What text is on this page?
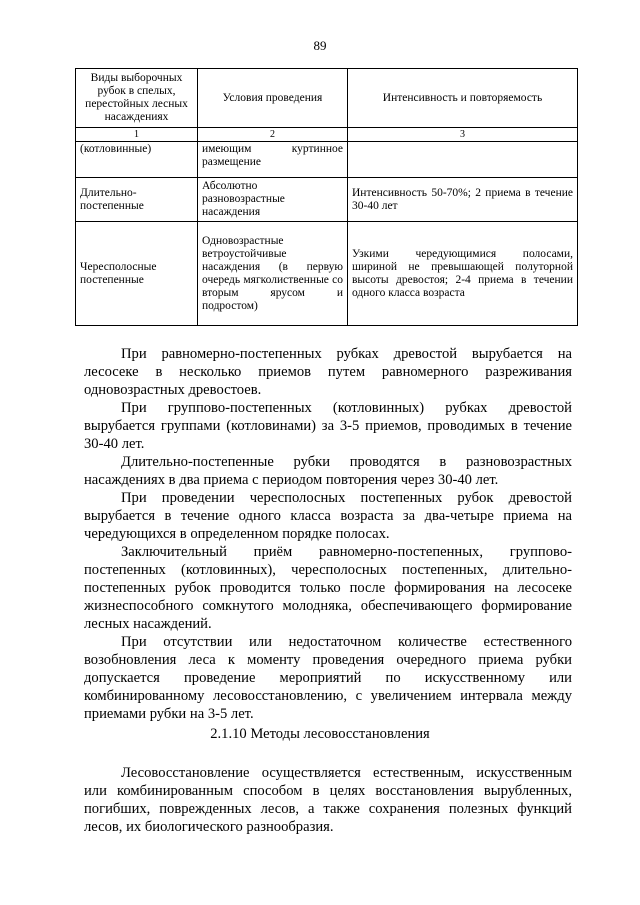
89
Виды выборочных рубок в спелых, перестойных лесных насаждениях	Условия проведения	Интенсивность и повторяемость
1	2	3
(котловинные)	имеющим куртинное размещение	
Длительно-постепенные	Абсолютно разновозрастные насаждения	Интенсивность 50-70%; 2 приема в течение 30-40 лет
Чересполосные постепенные	Одновозрастные ветроустойчивые насаждения (в первую очередь мягколиственные со вторым ярусом и подростом)	Узкими чередующимися полосами, шириной не превышающей полуторной высоты древостоя; 2-4 приема в течении одного класса возраста

При равномерно-постепенных рубках древостой вырубается на лесосеке в несколько приемов путем равномерного разреживания одновозрастных древостоев.

При группово-постепенных (котловинных) рубках древостой вырубается группами (котловинами) за 3-5 приемов, проводимых в течение 30-40 лет.

Длительно-постепенные рубки проводятся в разновозрастных насаждениях в два приема с периодом повторения через 30-40 лет.

При проведении чересполосных постепенных рубок древостой вырубается в течение одного класса возраста за два-четыре приема на чередующихся в определенном порядке полосах.

Заключительный приём равномерно-постепенных, группово-постепенных (котловинных), чересполосных постепенных, длительно-постепенных рубок проводится только после формирования на лесосеке жизнеспособного сомкнутого молодняка, обеспечивающего формирование лесных насаждений.

При отсутствии или недостаточном количестве естественного возобновления леса к моменту проведения очередного приема рубки допускается проведение мероприятий по искусственному или комбинированному лесовосстановлению, с увеличением интервала между приемами рубки на 3-5 лет.

2.1.10 Методы лесовосстановления

Лесовосстановление осуществляется естественным, искусственным или комбинированным способом в целях восстановления вырубленных, погибших, поврежденных лесов, а также сохранения полезных функций лесов, их биологического разнообразия.
